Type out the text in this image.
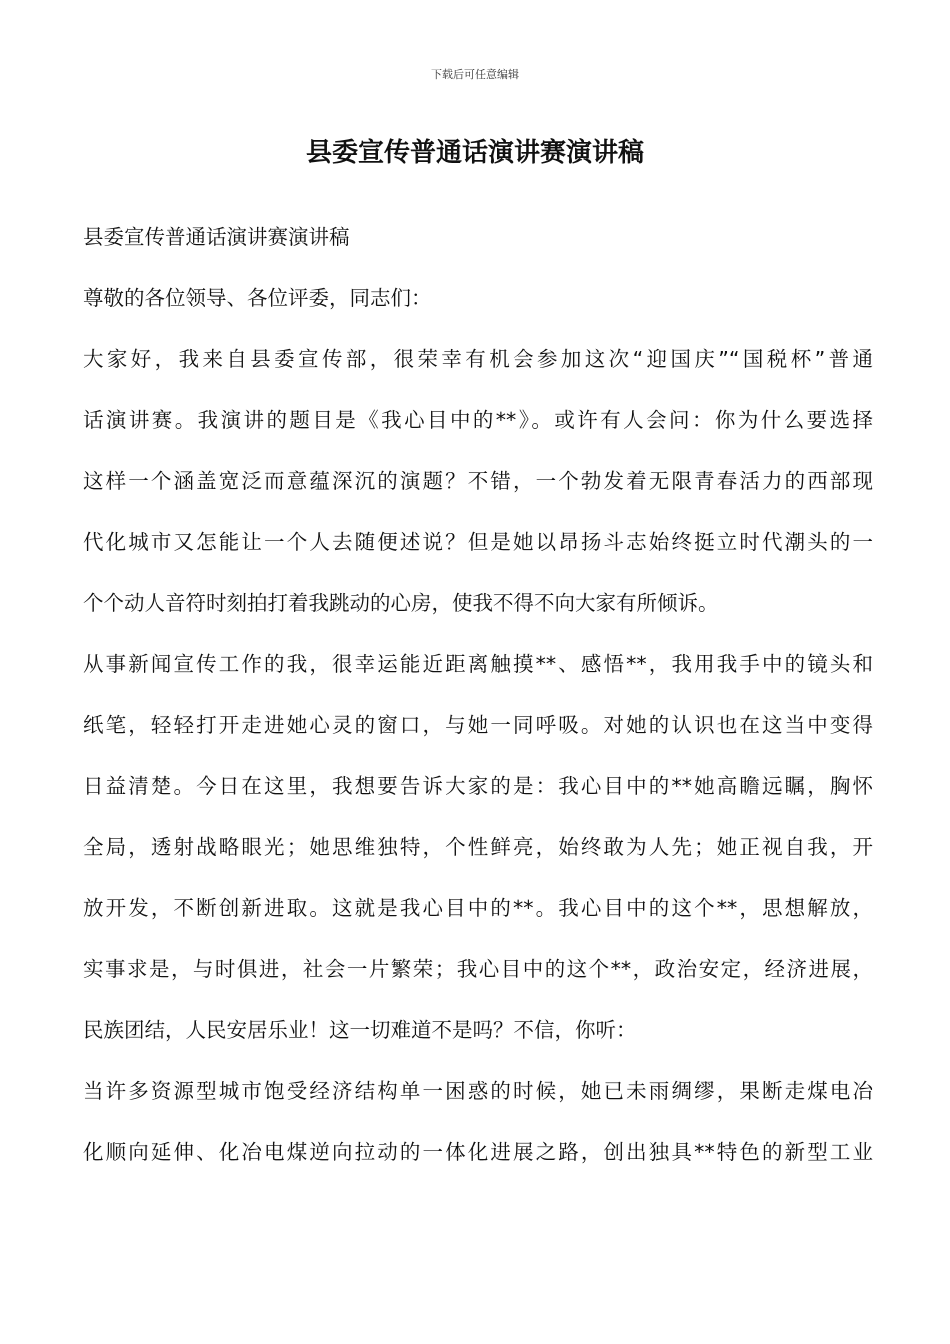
下载后可任意编辑
县委宣传普通话演讲赛演讲稿
县委宣传普通话演讲赛演讲稿
尊敬的各位领导、各位评委，同志们：
大家好，我来自县委宣传部，很荣幸有机会参加这次“迎国庆”“国税杯”普通
话演讲赛。我演讲的题目是《我心目中的**》。或许有人会问：你为什么要选择
这样一个涵盖宽泛而意蕴深沉的演题？不错，一个勃发着无限青春活力的西部现
代化城市又怎能让一个人去随便述说？但是她以昂扬斗志始终挺立时代潮头的一
个个动人音符时刻拍打着我跳动的心房，使我不得不向大家有所倾诉。
从事新闻宣传工作的我，很幸运能近距离触摸**、感悟**，我用我手中的镜头和
纸笔，轻轻打开走进她心灵的窗口，与她一同呼吸。对她的认识也在这当中变得
日益清楚。今日在这里，我想要告诉大家的是：我心目中的**她高瞻远瞩，胸怀
全局，透射战略眼光；她思维独特，个性鲜亮，始终敢为人先；她正视自我，开
放开发，不断创新进取。这就是我心目中的**。我心目中的这个**，思想解放，
实事求是，与时俱进，社会一片繁荣；我心目中的这个**，政治安定，经济进展，
民族团结，人民安居乐业！这一切难道不是吗？不信，你听：
当许多资源型城市饱受经济结构单一困惑的时候，她已未雨绸缪，果断走煤电冶
化顺向延伸、化冶电煤逆向拉动的一体化进展之路，创出独具**特色的新型工业
